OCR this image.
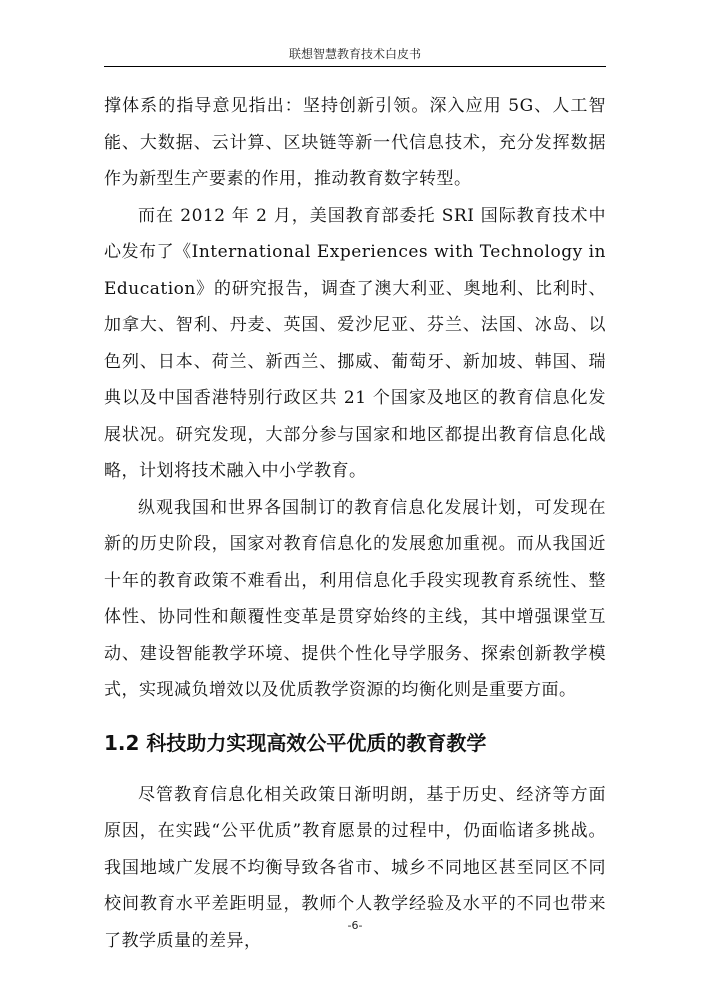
联想智慧教育技术白皮书

撑体系的指导意见指出：坚持创新引领。深入应用 5G、人工智能、大数据、云计算、区块链等新一代信息技术，充分发挥数据作为新型生产要素的作用，推动教育数字转型。

而在 2012 年 2 月，美国教育部委托 SRI 国际教育技术中心发布了《International Experiences with Technology in Education》的研究报告，调查了澳大利亚、奥地利、比利时、加拿大、智利、丹麦、英国、爱沙尼亚、芬兰、法国、冰岛、以色列、日本、荷兰、新西兰、挪威、葡萄牙、新加坡、韩国、瑞典以及中国香港特别行政区共 21 个国家及地区的教育信息化发展状况。研究发现，大部分参与国家和地区都提出教育信息化战略，计划将技术融入中小学教育。

纵观我国和世界各国制订的教育信息化发展计划，可发现在新的历史阶段，国家对教育信息化的发展愈加重视。而从我国近十年的教育政策不难看出，利用信息化手段实现教育系统性、整体性、协同性和颠覆性变革是贯穿始终的主线，其中增强课堂互动、建设智能教学环境、提供个性化导学服务、探索创新教学模式，实现减负增效以及优质教学资源的均衡化则是重要方面。

1.2 科技助力实现高效公平优质的教育教学

尽管教育信息化相关政策日渐明朗，基于历史、经济等方面原因，在实践“公平优质”教育愿景的过程中，仍面临诸多挑战。我国地域广发展不均衡导致各省市、城乡不同地区甚至同区不同校间教育水平差距明显，教师个人教学经验及水平的不同也带来了教学质量的差异，

-6-
